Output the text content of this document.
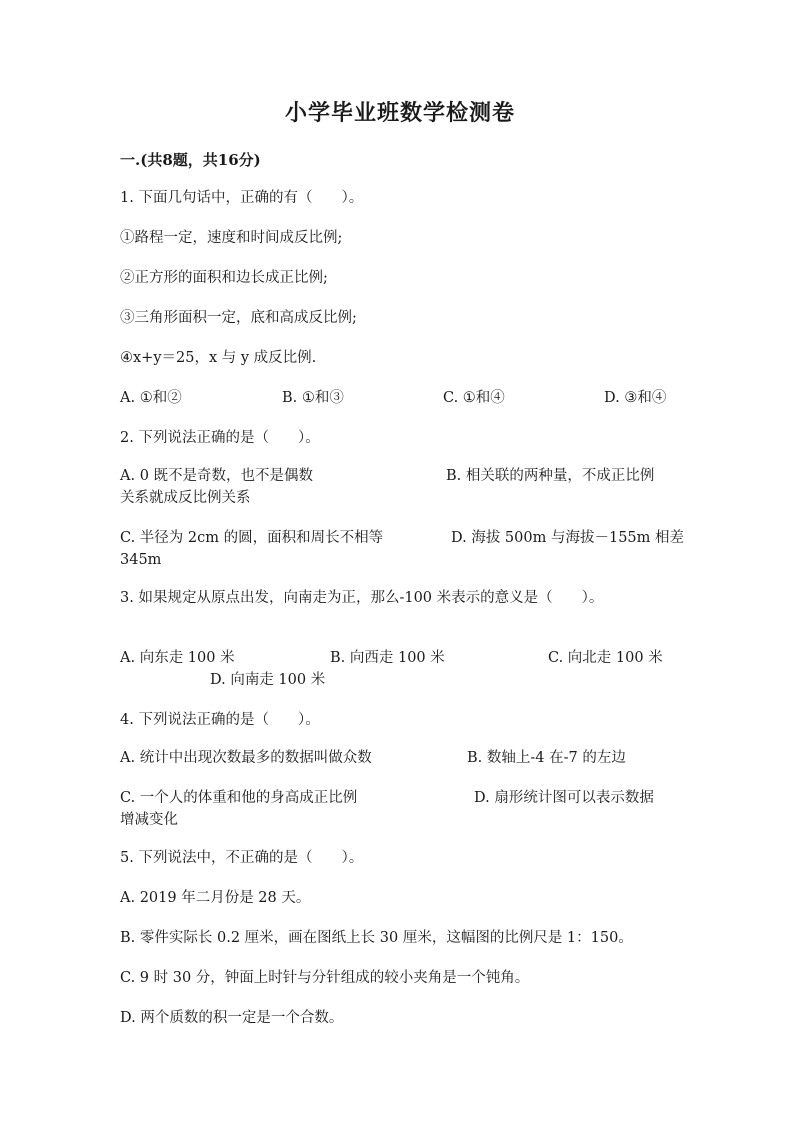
小学毕业班数学检测卷
一.(共8题，共16分)
1. 下面几句话中，正确的有（　　）。
①路程一定，速度和时间成反比例;
②正方形的面积和边长成正比例;
③三角形面积一定，底和高成反比例;
④x+y＝25，x 与 y 成反比例.
A. ①和②	B. ①和③	C. ①和④	D. ③和④
2. 下列说法正确的是（　　）。
A. 0 既不是奇数，也不是偶数	B. 相关联的两种量，不成正比例
关系就成反比例关系
C. 半径为 2cm 的圆，面积和周长不相等	D. 海拔 500m 与海拔－155m 相差
345m
3. 如果规定从原点出发，向南走为正，那么-100 米表示的意义是（　　）。
A. 向东走 100 米	B. 向西走 100 米	C. 向北走 100 米
D. 向南走 100 米
4. 下列说法正确的是（　　）。
A. 统计中出现次数最多的数据叫做众数	B. 数轴上-4 在-7 的左边
C. 一个人的体重和他的身高成正比例	D. 扇形统计图可以表示数据
增减变化
5. 下列说法中，不正确的是（　　）。
A. 2019 年二月份是 28 天。
B. 零件实际长 0.2 厘米，画在图纸上长 30 厘米，这幅图的比例尺是 1：150。
C. 9 时 30 分，钟面上时针与分针组成的较小夹角是一个钝角。
D. 两个质数的积一定是一个合数。
